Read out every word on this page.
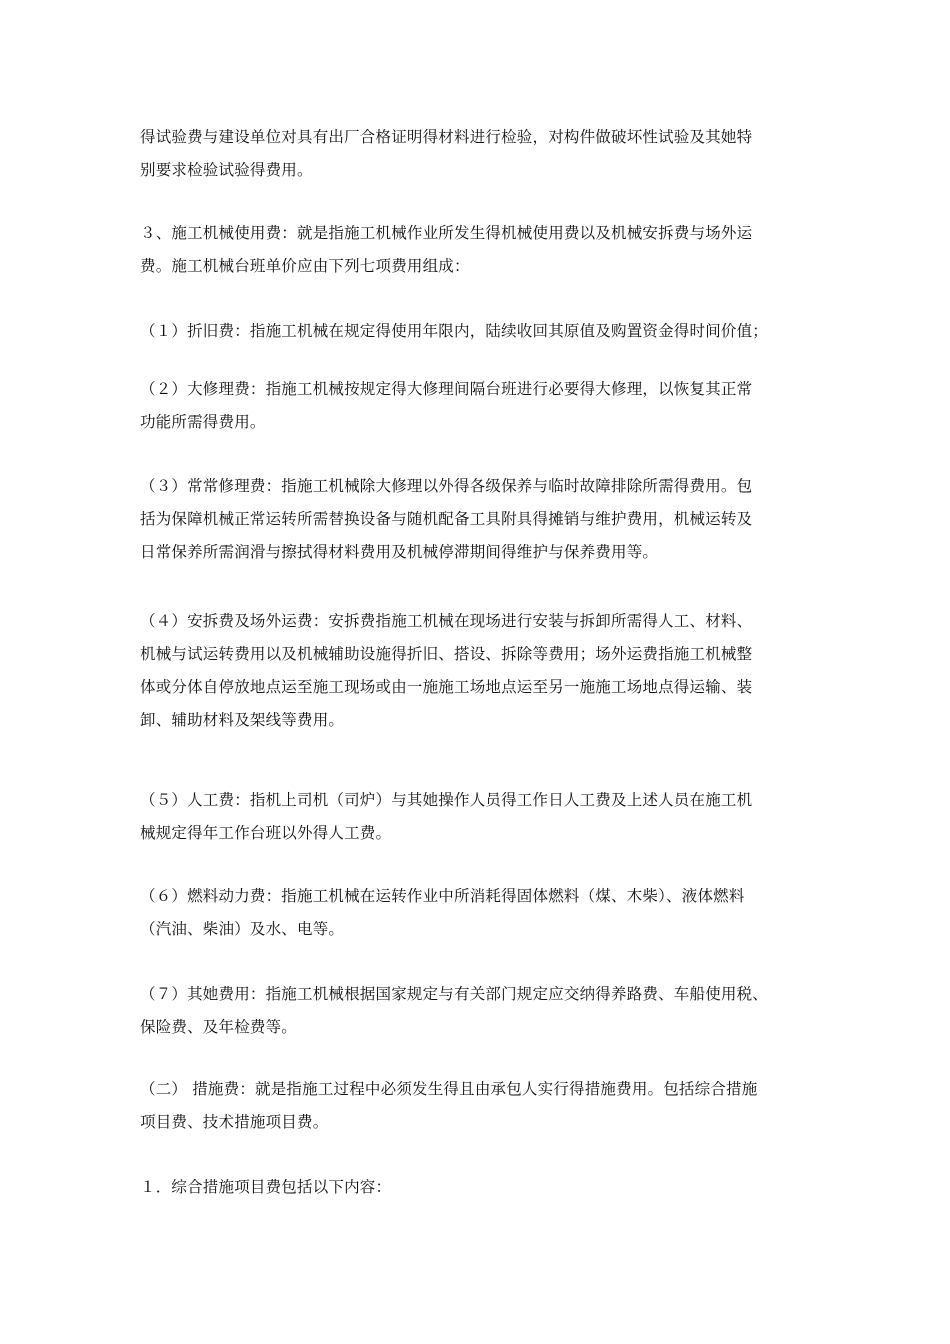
得试验费与建设单位对具有出厂合格证明得材料进行检验，对构件做破坏性试验及其她特
别要求检验试验得费用。

３、施工机械使用费：就是指施工机械作业所发生得机械使用费以及机械安拆费与场外运
费。施工机械台班单价应由下列七项费用组成：

（１）折旧费：指施工机械在规定得使用年限内，陆续收回其原值及购置资金得时间价值；

（２）大修理费：指施工机械按规定得大修理间隔台班进行必要得大修理，以恢复其正常
功能所需得费用。

（３）常常修理费：指施工机械除大修理以外得各级保养与临时故障排除所需得费用。包
括为保障机械正常运转所需替换设备与随机配备工具附具得摊销与维护费用，机械运转及
日常保养所需润滑与擦拭得材料费用及机械停滞期间得维护与保养费用等。

（４）安拆费及场外运费：安拆费指施工机械在现场进行安装与拆卸所需得人工、材料、
机械与试运转费用以及机械辅助设施得折旧、搭设、拆除等费用；场外运费指施工机械整
体或分体自停放地点运至施工现场或由一施施工场地点运至另一施施工场地点得运输、装
卸、辅助材料及架线等费用。

（５）人工费：指机上司机（司炉）与其她操作人员得工作日人工费及上述人员在施工机
械规定得年工作台班以外得人工费。

（６）燃料动力费：指施工机械在运转作业中所消耗得固体燃料（煤、木柴）、液体燃料
（汽油、柴油）及水、电等。

（７）其她费用：指施工机械根据国家规定与有关部门规定应交纳得养路费、车船使用税、
保险费、及年检费等。

（二） 措施费：就是指施工过程中必须发生得且由承包人实行得措施费用。包括综合措施
项目费、技术措施项目费。

１．综合措施项目费包括以下内容：
